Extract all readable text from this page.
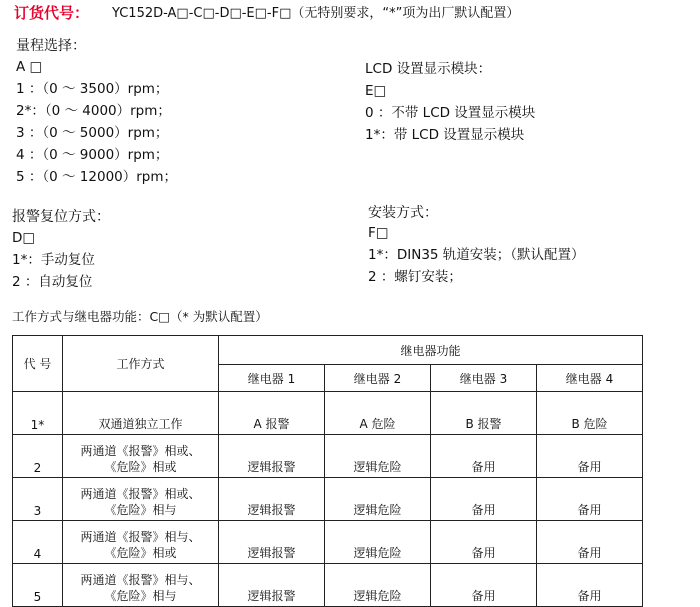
订货代号： YC152D-A□-C□-D□-E□-F□（无特别要求，“*”项为出厂默认配置）
量程选择：
A □
1 ：（0 ～ 3500）rpm；
2*：（0 ～ 4000）rpm；
3 ：（0 ～ 5000）rpm；
4 ：（0 ～ 9000）rpm；
5 ：（0 ～ 12000）rpm；
LCD 设置显示模块：
E□
0 ：不带 LCD 设置显示模块
1*：带 LCD 设置显示模块
报警复位方式：
D□
1*：手动复位
2 ：自动复位
安装方式：
F□
1*：DIN35 轨道安装；（默认配置）
2 ：螺钉安装；
工作方式与继电器功能：C□（* 为默认配置）
代 号	工作方式	继电器功能			
		继电器 1	继电器 2	继电器 3	继电器 4
1*	双通道独立工作	A 报警	A 危险	B 报警	B 危险
2	两通道《报警》相或、
《危险》相或	逻辑报警	逻辑危险	备用	备用
3	两通道《报警》相或、
《危险》相与	逻辑报警	逻辑危险	备用	备用
4	两通道《报警》相与、
《危险》相或	逻辑报警	逻辑危险	备用	备用
5	两通道《报警》相与、
《危险》相与	逻辑报警	逻辑危险	备用	备用
